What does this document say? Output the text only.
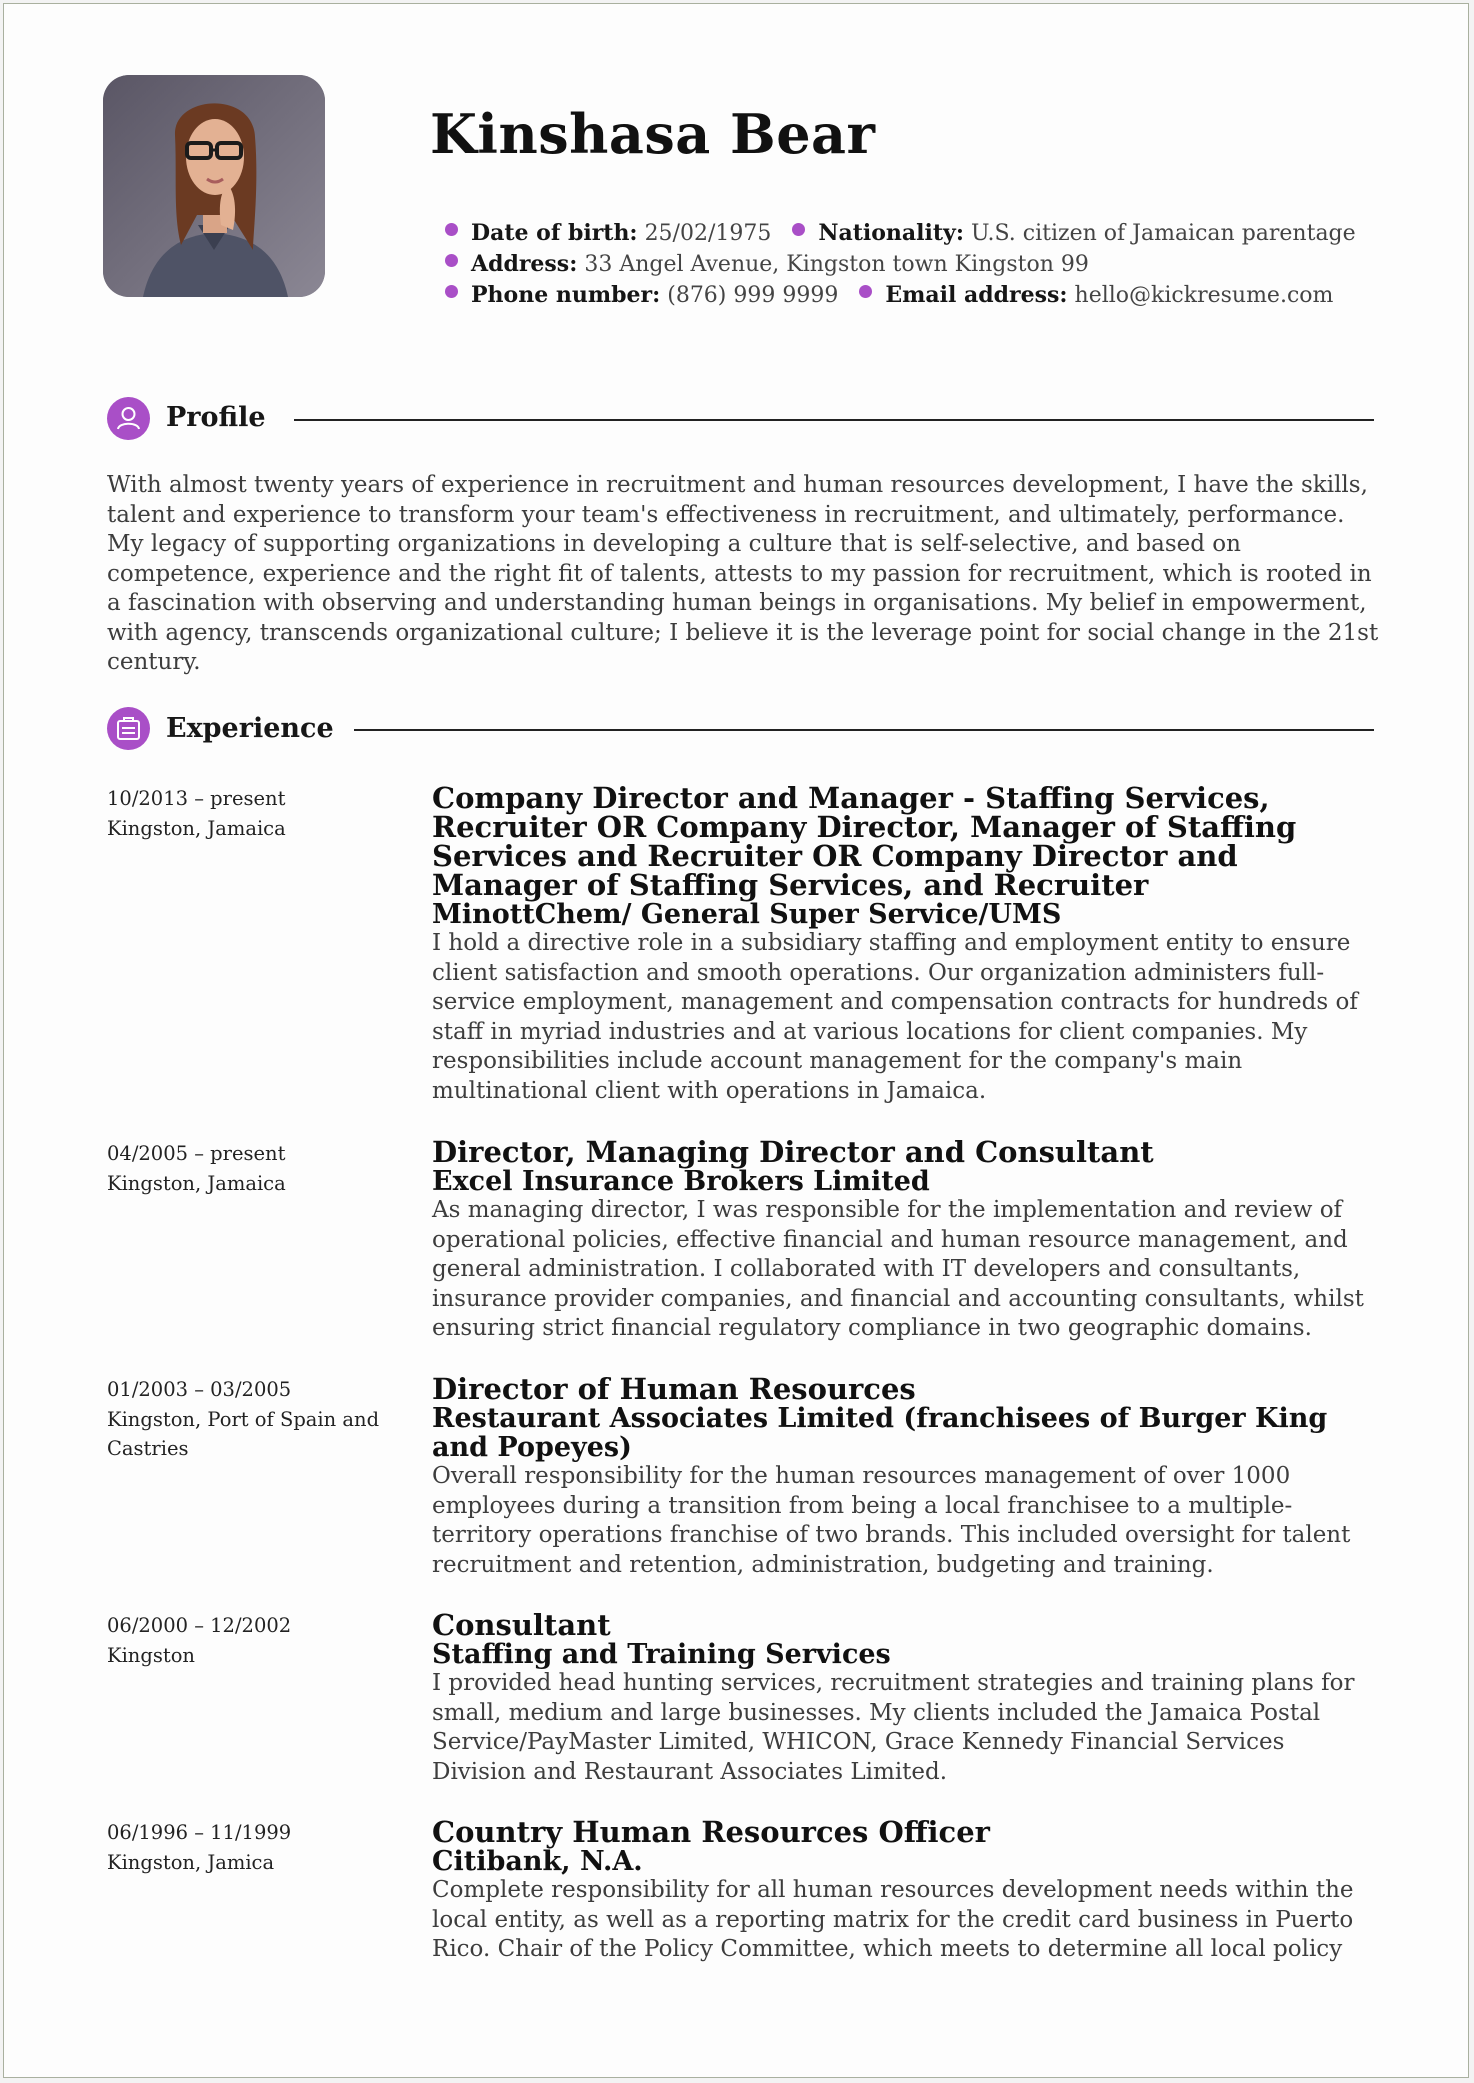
Kinshasa Bear
Date of birth: 25/02/1975 Nationality: U.S. citizen of Jamaican parentage
Address: 33 Angel Avenue, Kingston town Kingston 99
Phone number: (876) 999 9999 Email address: hello@kickresume.com
Profile

With almost twenty years of experience in recruitment and human resources development, I have the skills, talent and experience to transform your team's effectiveness in recruitment, and ultimately, performance. My legacy of supporting organizations in developing a culture that is self-selective, and based on competence, experience and the right fit of talents, attests to my passion for recruitment, which is rooted in a fascination with observing and understanding human beings in organisations. My belief in empowerment, with agency, transcends organizational culture; I believe it is the leverage point for social change in the 21st century.

Experience
10/2013 – present
Kingston, Jamaica
Company Director and Manager - Staffing Services, Recruiter OR Company Director, Manager of Staffing Services and Recruiter OR Company Director and Manager of Staffing Services, and Recruiter
MinottChem/ General Super Service/UMS

I hold a directive role in a subsidiary staffing and employment entity to ensure client satisfaction and smooth operations. Our organization administers full-service employment, management and compensation contracts for hundreds of staff in myriad industries and at various locations for client companies. My responsibilities include account management for the company's main multinational client with operations in Jamaica.

04/2005 – present
Kingston, Jamaica
Director, Managing Director and Consultant
Excel Insurance Brokers Limited

As managing director, I was responsible for the implementation and review of operational policies, effective financial and human resource management, and general administration. I collaborated with IT developers and consultants, insurance provider companies, and financial and accounting consultants, whilst ensuring strict financial regulatory compliance in two geographic domains.

01/2003 – 03/2005
Kingston, Port of Spain and Castries
Director of Human Resources
Restaurant Associates Limited (franchisees of Burger King and Popeyes)

Overall responsibility for the human resources management of over 1000 employees during a transition from being a local franchisee to a multiple-territory operations franchise of two brands. This included oversight for talent recruitment and retention, administration, budgeting and training.

06/2000 – 12/2002
Kingston
Consultant
Staffing and Training Services

I provided head hunting services, recruitment strategies and training plans for small, medium and large businesses. My clients included the Jamaica Postal Service/PayMaster Limited, WHICON, Grace Kennedy Financial Services Division and Restaurant Associates Limited.

06/1996 – 11/1999
Kingston, Jamica
Country Human Resources Officer
Citibank, N.A.

Complete responsibility for all human resources development needs within the local entity, as well as a reporting matrix for the credit card business in Puerto Rico. Chair of the Policy Committee, which meets to determine all local policy
